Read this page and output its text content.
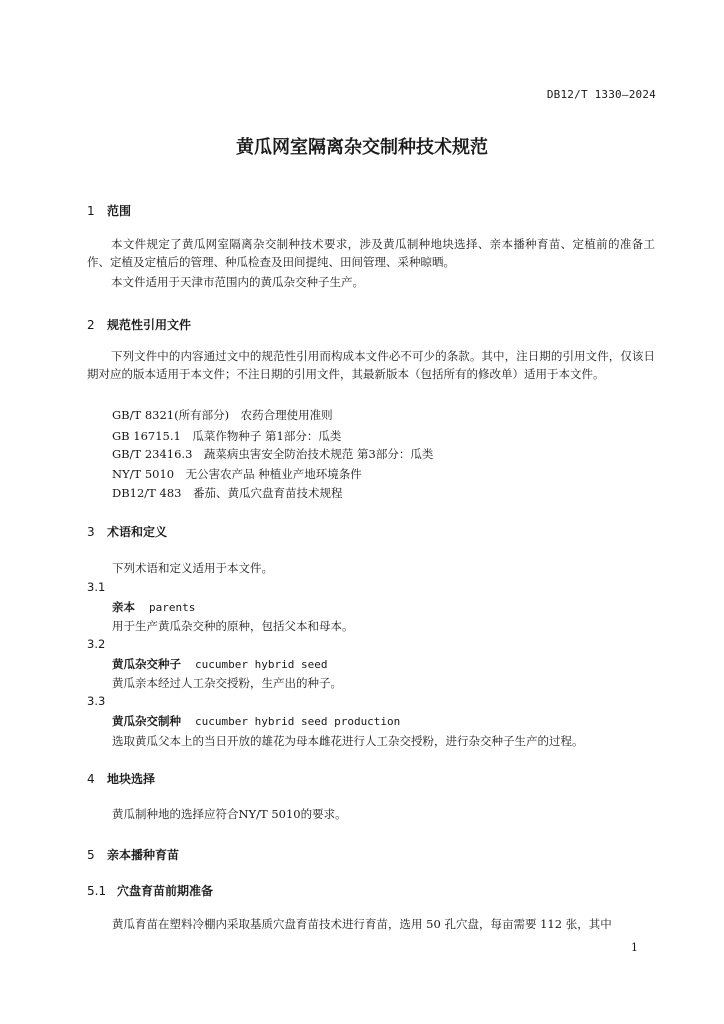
DB12/T 1330—2024
黄瓜网室隔离杂交制种技术规范
1 范围
本文件规定了黄瓜网室隔离杂交制种技术要求，涉及黄瓜制种地块选择、亲本播种育苗、定植前的准备工作、定植及定植后的管理、种瓜检查及田间提纯、田间管理、采种晾晒。
本文件适用于天津市范围内的黄瓜杂交种子生产。
2 规范性引用文件
下列文件中的内容通过文中的规范性引用而构成本文件必不可少的条款。其中，注日期的引用文件，仅该日期对应的版本适用于本文件；不注日期的引用文件，其最新版本（包括所有的修改单）适用于本文件。
GB/T 8321(所有部分)　农药合理使用准则
GB 16715.1　瓜菜作物种子 第1部分：瓜类
GB/T 23416.3　蔬菜病虫害安全防治技术规范 第3部分：瓜类
NY/T 5010　无公害农产品 种植业产地环境条件
DB12/T 483　番茄、黄瓜穴盘育苗技术规程
3 术语和定义
下列术语和定义适用于本文件。
3.1
亲本 parents
用于生产黄瓜杂交种的原种，包括父本和母本。
3.2
黄瓜杂交种子 cucumber hybrid seed
黄瓜亲本经过人工杂交授粉，生产出的种子。
3.3
黄瓜杂交制种 cucumber hybrid seed production
选取黄瓜父本上的当日开放的雄花为母本雌花进行人工杂交授粉，进行杂交种子生产的过程。
4 地块选择
黄瓜制种地的选择应符合NY/T 5010的要求。
5 亲本播种育苗
5.1 穴盘育苗前期准备
黄瓜育苗在塑料冷棚内采取基质穴盘育苗技术进行育苗，选用 50 孔穴盘，每亩需要 112 张，其中
1
